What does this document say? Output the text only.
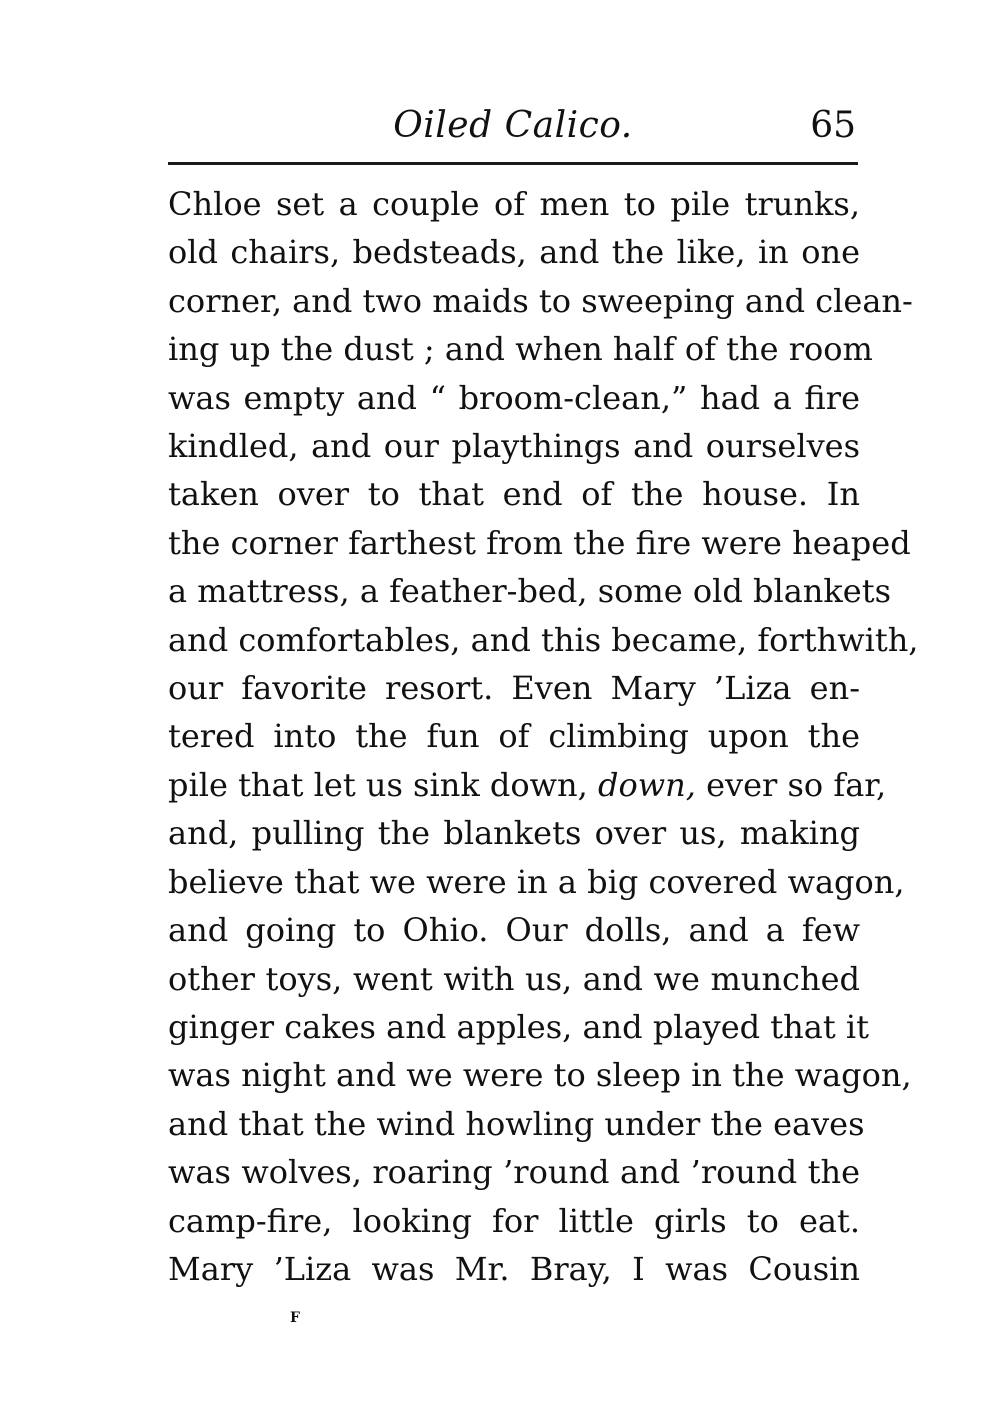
Oiled Calico.	65
Chloe set a couple of men to pile trunks,
old chairs, bedsteads, and the like, in one
corner, and two maids to sweeping and clean-
ing up the dust ; and when half of the room
was empty and “ broom-clean,” had a fire
kindled, and our playthings and ourselves
taken over to that end of the house. In
the corner farthest from the fire were heaped
a mattress, a feather-bed, some old blankets
and comfortables, and this became, forthwith,
our favorite resort. Even Mary ’Liza en-
tered into the fun of climbing upon the
pile that let us sink down, down, ever so far,
and, pulling the blankets over us, making
believe that we were in a big covered wagon,
and going to Ohio. Our dolls, and a few
other toys, went with us, and we munched
ginger cakes and apples, and played that it
was night and we were to sleep in the wagon,
and that the wind howling under the eaves
was wolves, roaring ’round and ’round the
camp-fire, looking for little girls to eat.
Mary ’Liza was Mr. Bray, I was Cousin
F
